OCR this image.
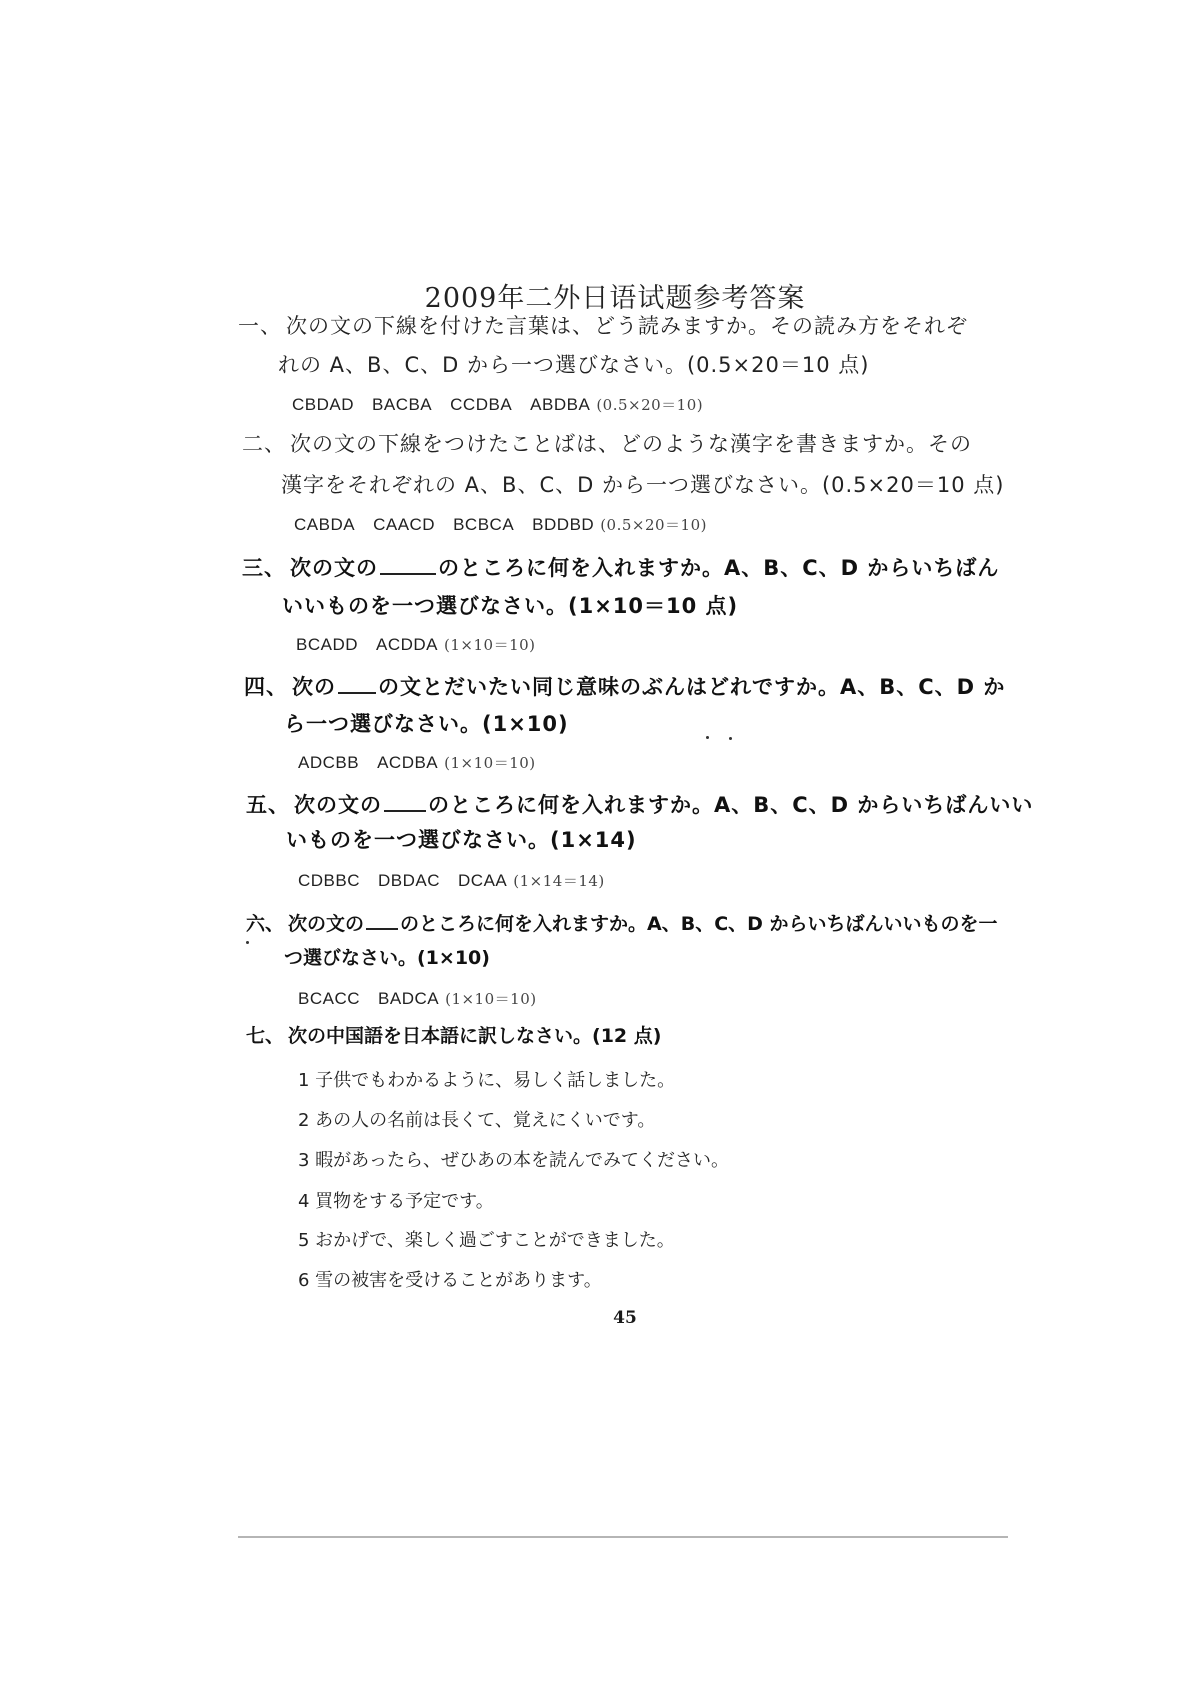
2009年二外日语试题参考答案
一、 次の文の下線を付けた言葉は、どう読みますか。その読み方をそれぞ
れの A、B、C、D から一つ選びなさい。(0.5×20＝10 点)
CBDAD BACBA CCDBA ABDBA (0.5×20＝10)
二、 次の文の下線をつけたことばは、どのような漢字を書きますか。その
漢字をそれぞれの A、B、C、D から一つ選びなさい。(0.5×20＝10 点)
CABDA CAACD BCBCA BDDBD (0.5×20＝10)
三、 次の文の	のところに何を入れますか。A、B、C、D からいちばん
いいものを一つ選びなさい。(1×10＝10 点)
BCADD ACDDA (1×10＝10)
四、 次の の文とだいたい同じ意味のぶんはどれですか。A、B、C、D か
ら一つ選びなさい。(1×10)
ADCBB ACDBA (1×10＝10)
五、 次の文の のところに何を入れますか。A、B、C、D からいちばんいい
いものを一つ選びなさい。(1×14)
CDBBC DBDAC DCAA (1×14＝14)
六、 次の文の のところに何を入れますか。A、B、C、D からいちばんいいものを一
つ選びなさい。(1×10)
BCACC BADCA (1×10＝10)
七、 次の中国語を日本語に訳しなさい。(12 点)
1 子供でもわかるように、易しく話しました。
2 あの人の名前は長くて、覚えにくいです。
3 暇があったら、ぜひあの本を読んでみてください。
4 買物をする予定です。
5 おかげで、楽しく過ごすことができました。
6 雪の被害を受けることがあります。
45
